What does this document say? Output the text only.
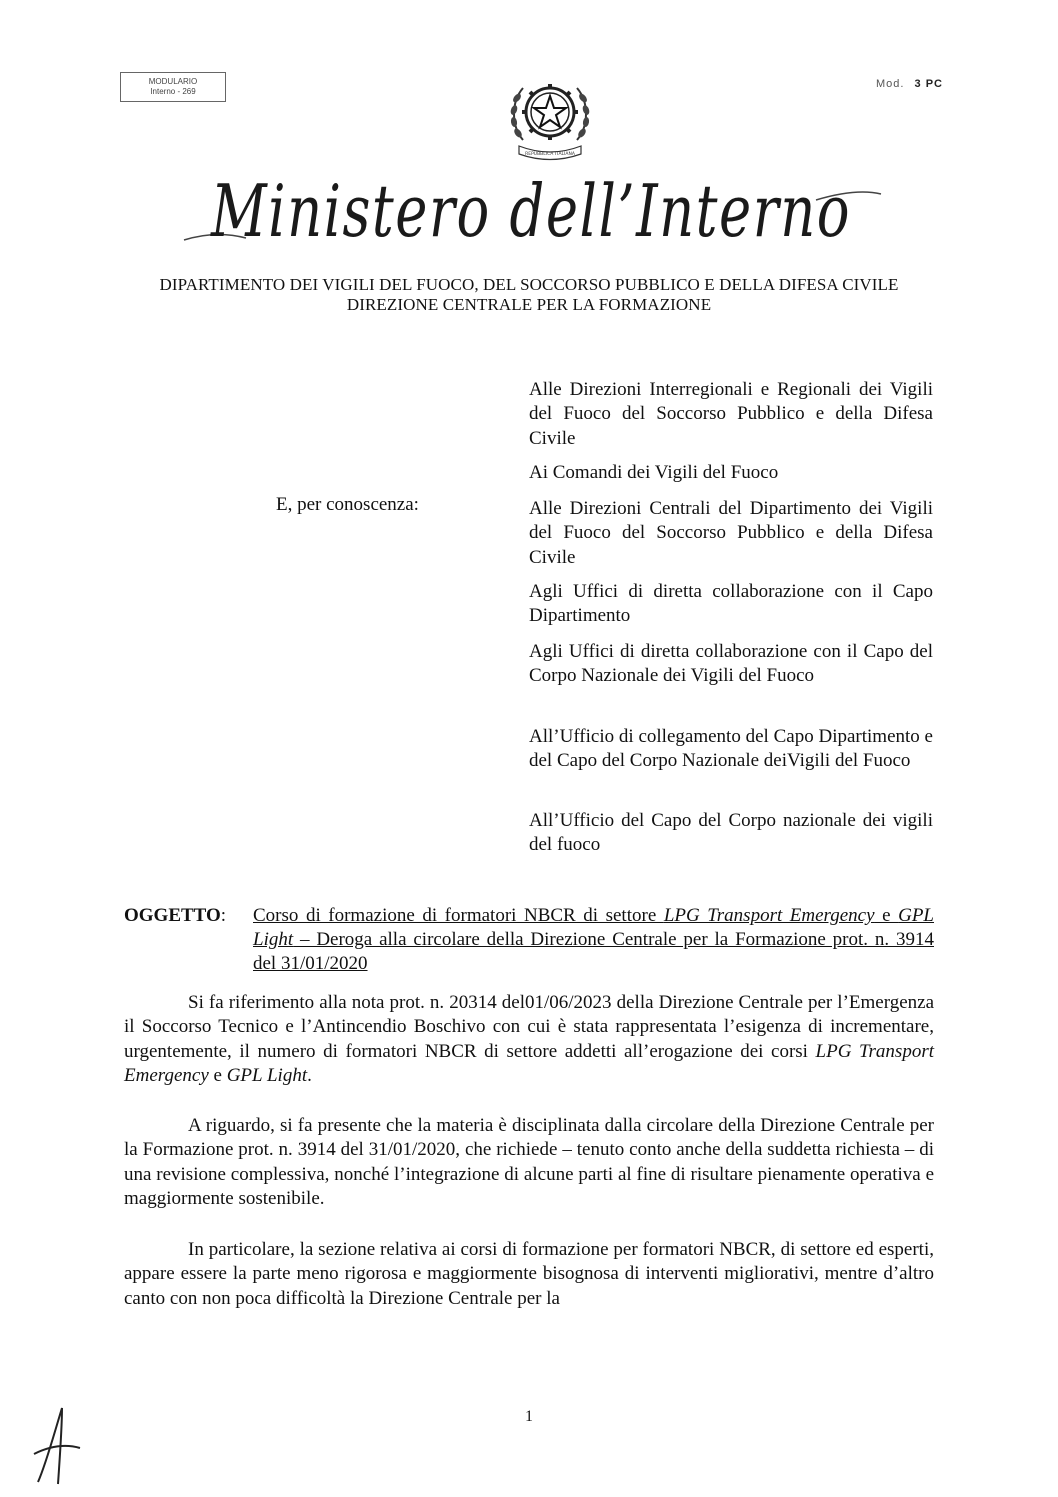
MODULARIO
Interno - 269
Mod. 3 PC
REPUBBLICA ITALIANA
Ministero dell’Interno
DIPARTIMENTO DEI VIGILI DEL FUOCO, DEL SOCCORSO PUBBLICO E DELLA DIFESA CIVILE
DIREZIONE CENTRALE PER LA FORMAZIONE
Alle Direzioni Interregionali e Regionali dei Vigili del Fuoco del Soccorso Pubblico e della Difesa Civile
Ai Comandi dei Vigili del Fuoco
E, per conoscenza:	Alle Direzioni Centrali del Dipartimento dei Vigili del Fuoco del Soccorso Pubblico e della Difesa Civile
Agli Uffici di diretta collaborazione con il Capo Dipartimento
Agli Uffici di diretta collaborazione con il Capo del Corpo Nazionale dei Vigili del Fuoco
All’Ufficio di collegamento del Capo Dipartimento e del Capo del Corpo Nazionale deiVigili del Fuoco
All’Ufficio del Capo del Corpo nazionale dei vigili del fuoco
OGGETTO: Corso di formazione di formatori NBCR di settore LPG Transport Emergency e GPL Light – Deroga alla circolare della Direzione Centrale per la Formazione prot. n. 3914 del 31/01/2020
Si fa riferimento alla nota prot. n. 20314 del01/06/2023 della Direzione Centrale per l’Emergenza il Soccorso Tecnico e l’Antincendio Boschivo con cui è stata rappresentata l’esigenza di incrementare, urgentemente, il numero di formatori NBCR di settore addetti all’erogazione dei corsi LPG Transport Emergency e GPL Light.
A riguardo, si fa presente che la materia è disciplinata dalla circolare della Direzione Centrale per la Formazione prot. n. 3914 del 31/01/2020, che richiede – tenuto conto anche della suddetta richiesta – di una revisione complessiva, nonché l’integrazione di alcune parti al fine di risultare pienamente operativa e maggiormente sostenibile.
In particolare, la sezione relativa ai corsi di formazione per formatori NBCR, di settore ed esperti, appare essere la parte meno rigorosa e maggiormente bisognosa di interventi migliorativi, mentre d’altro canto con non poca difficoltà la Direzione Centrale per la
1
